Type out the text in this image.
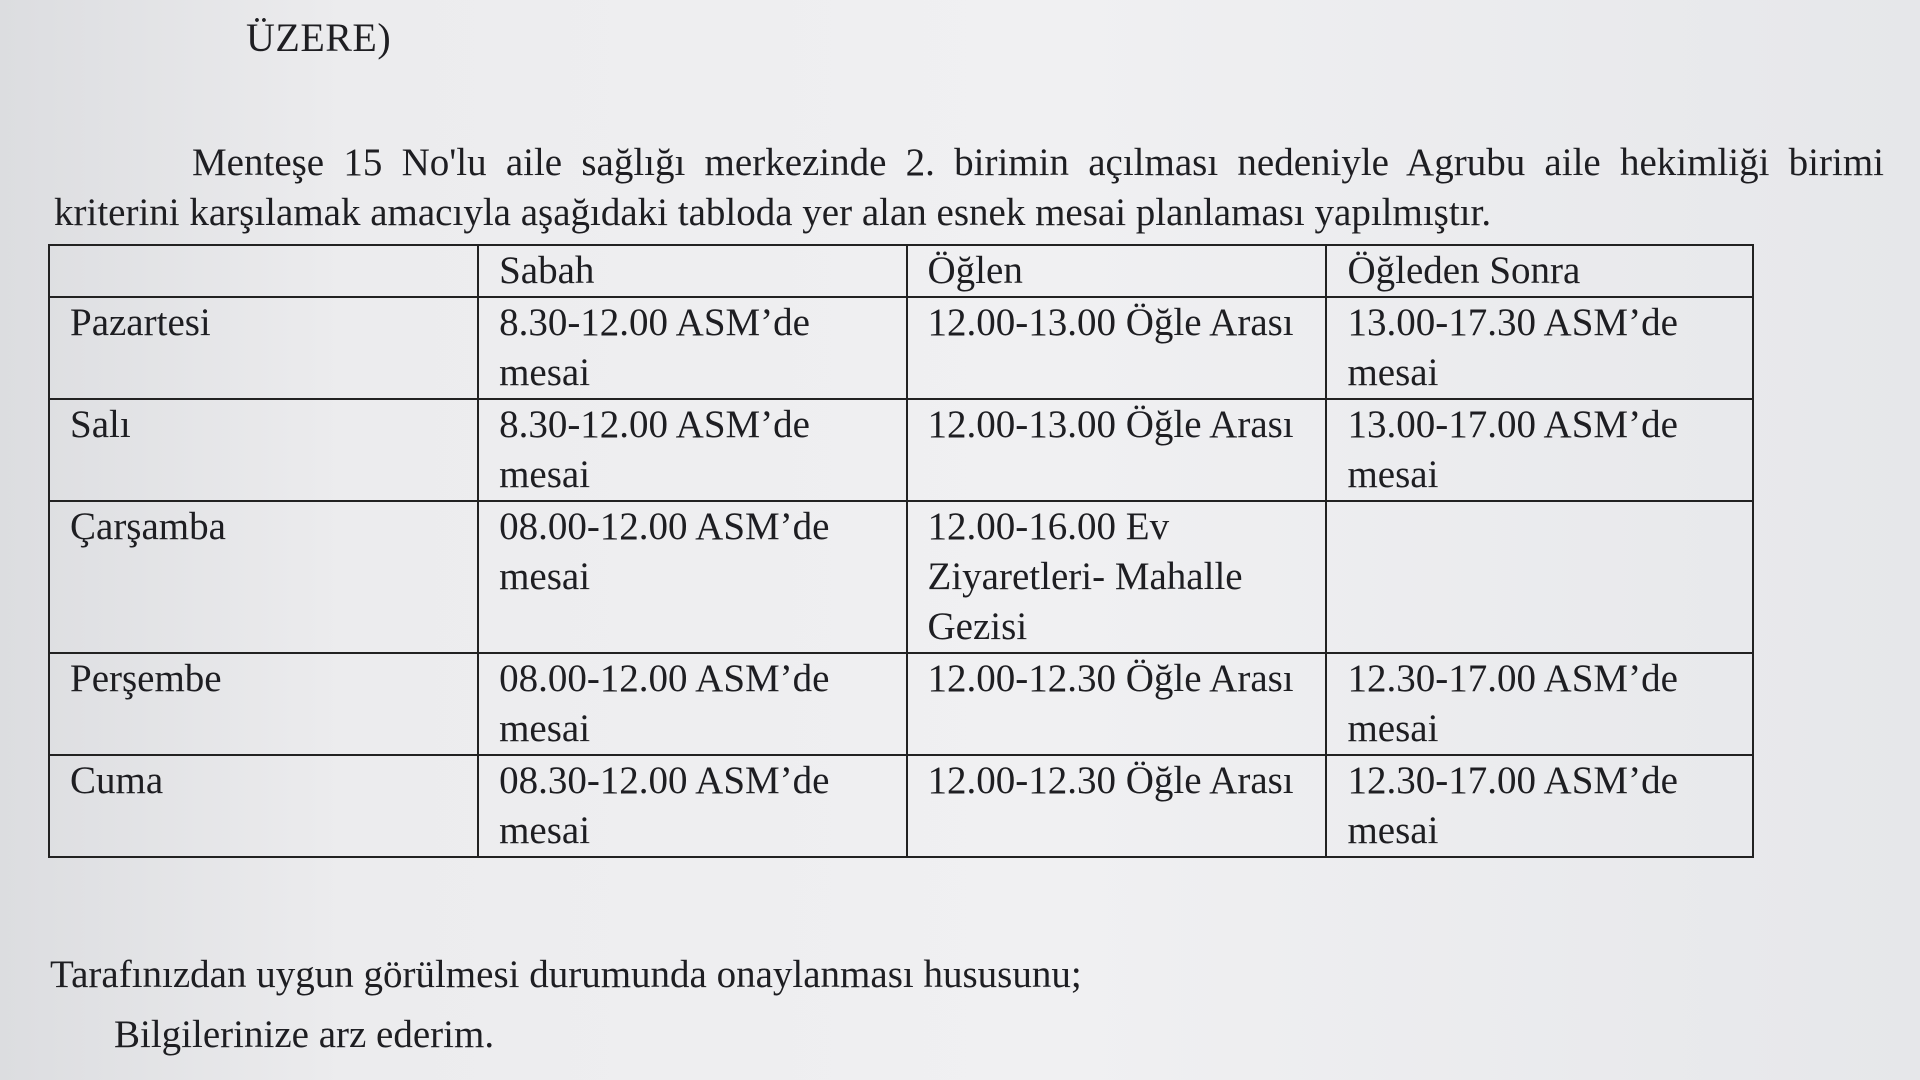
ÜZERE)
Menteşe 15 No'lu aile sağlığı merkezinde 2. birimin açılması nedeniyle Agrubu aile hekimliği birimi kriterini karşılamak amacıyla aşağıdaki tabloda yer alan esnek mesai planlaması yapılmıştır.
	Sabah	Öğlen	Öğleden Sonra
Pazartesi	8.30-12.00 ASM’de mesai	12.00-13.00 Öğle Arası	13.00-17.30 ASM’de mesai
Salı	8.30-12.00 ASM’de mesai	12.00-13.00 Öğle Arası	13.00-17.00 ASM’de mesai
Çarşamba	08.00-12.00 ASM’de mesai	12.00-16.00 Ev Ziyaretleri- Mahalle Gezisi	
Perşembe	08.00-12.00 ASM’de mesai	12.00-12.30 Öğle Arası	12.30-17.00 ASM’de mesai
Cuma	08.30-12.00 ASM’de mesai	12.00-12.30 Öğle Arası	12.30-17.00 ASM’de mesai
Tarafınızdan uygun görülmesi durumunda onaylanması hususunu;
Bilgilerinize arz ederim.
